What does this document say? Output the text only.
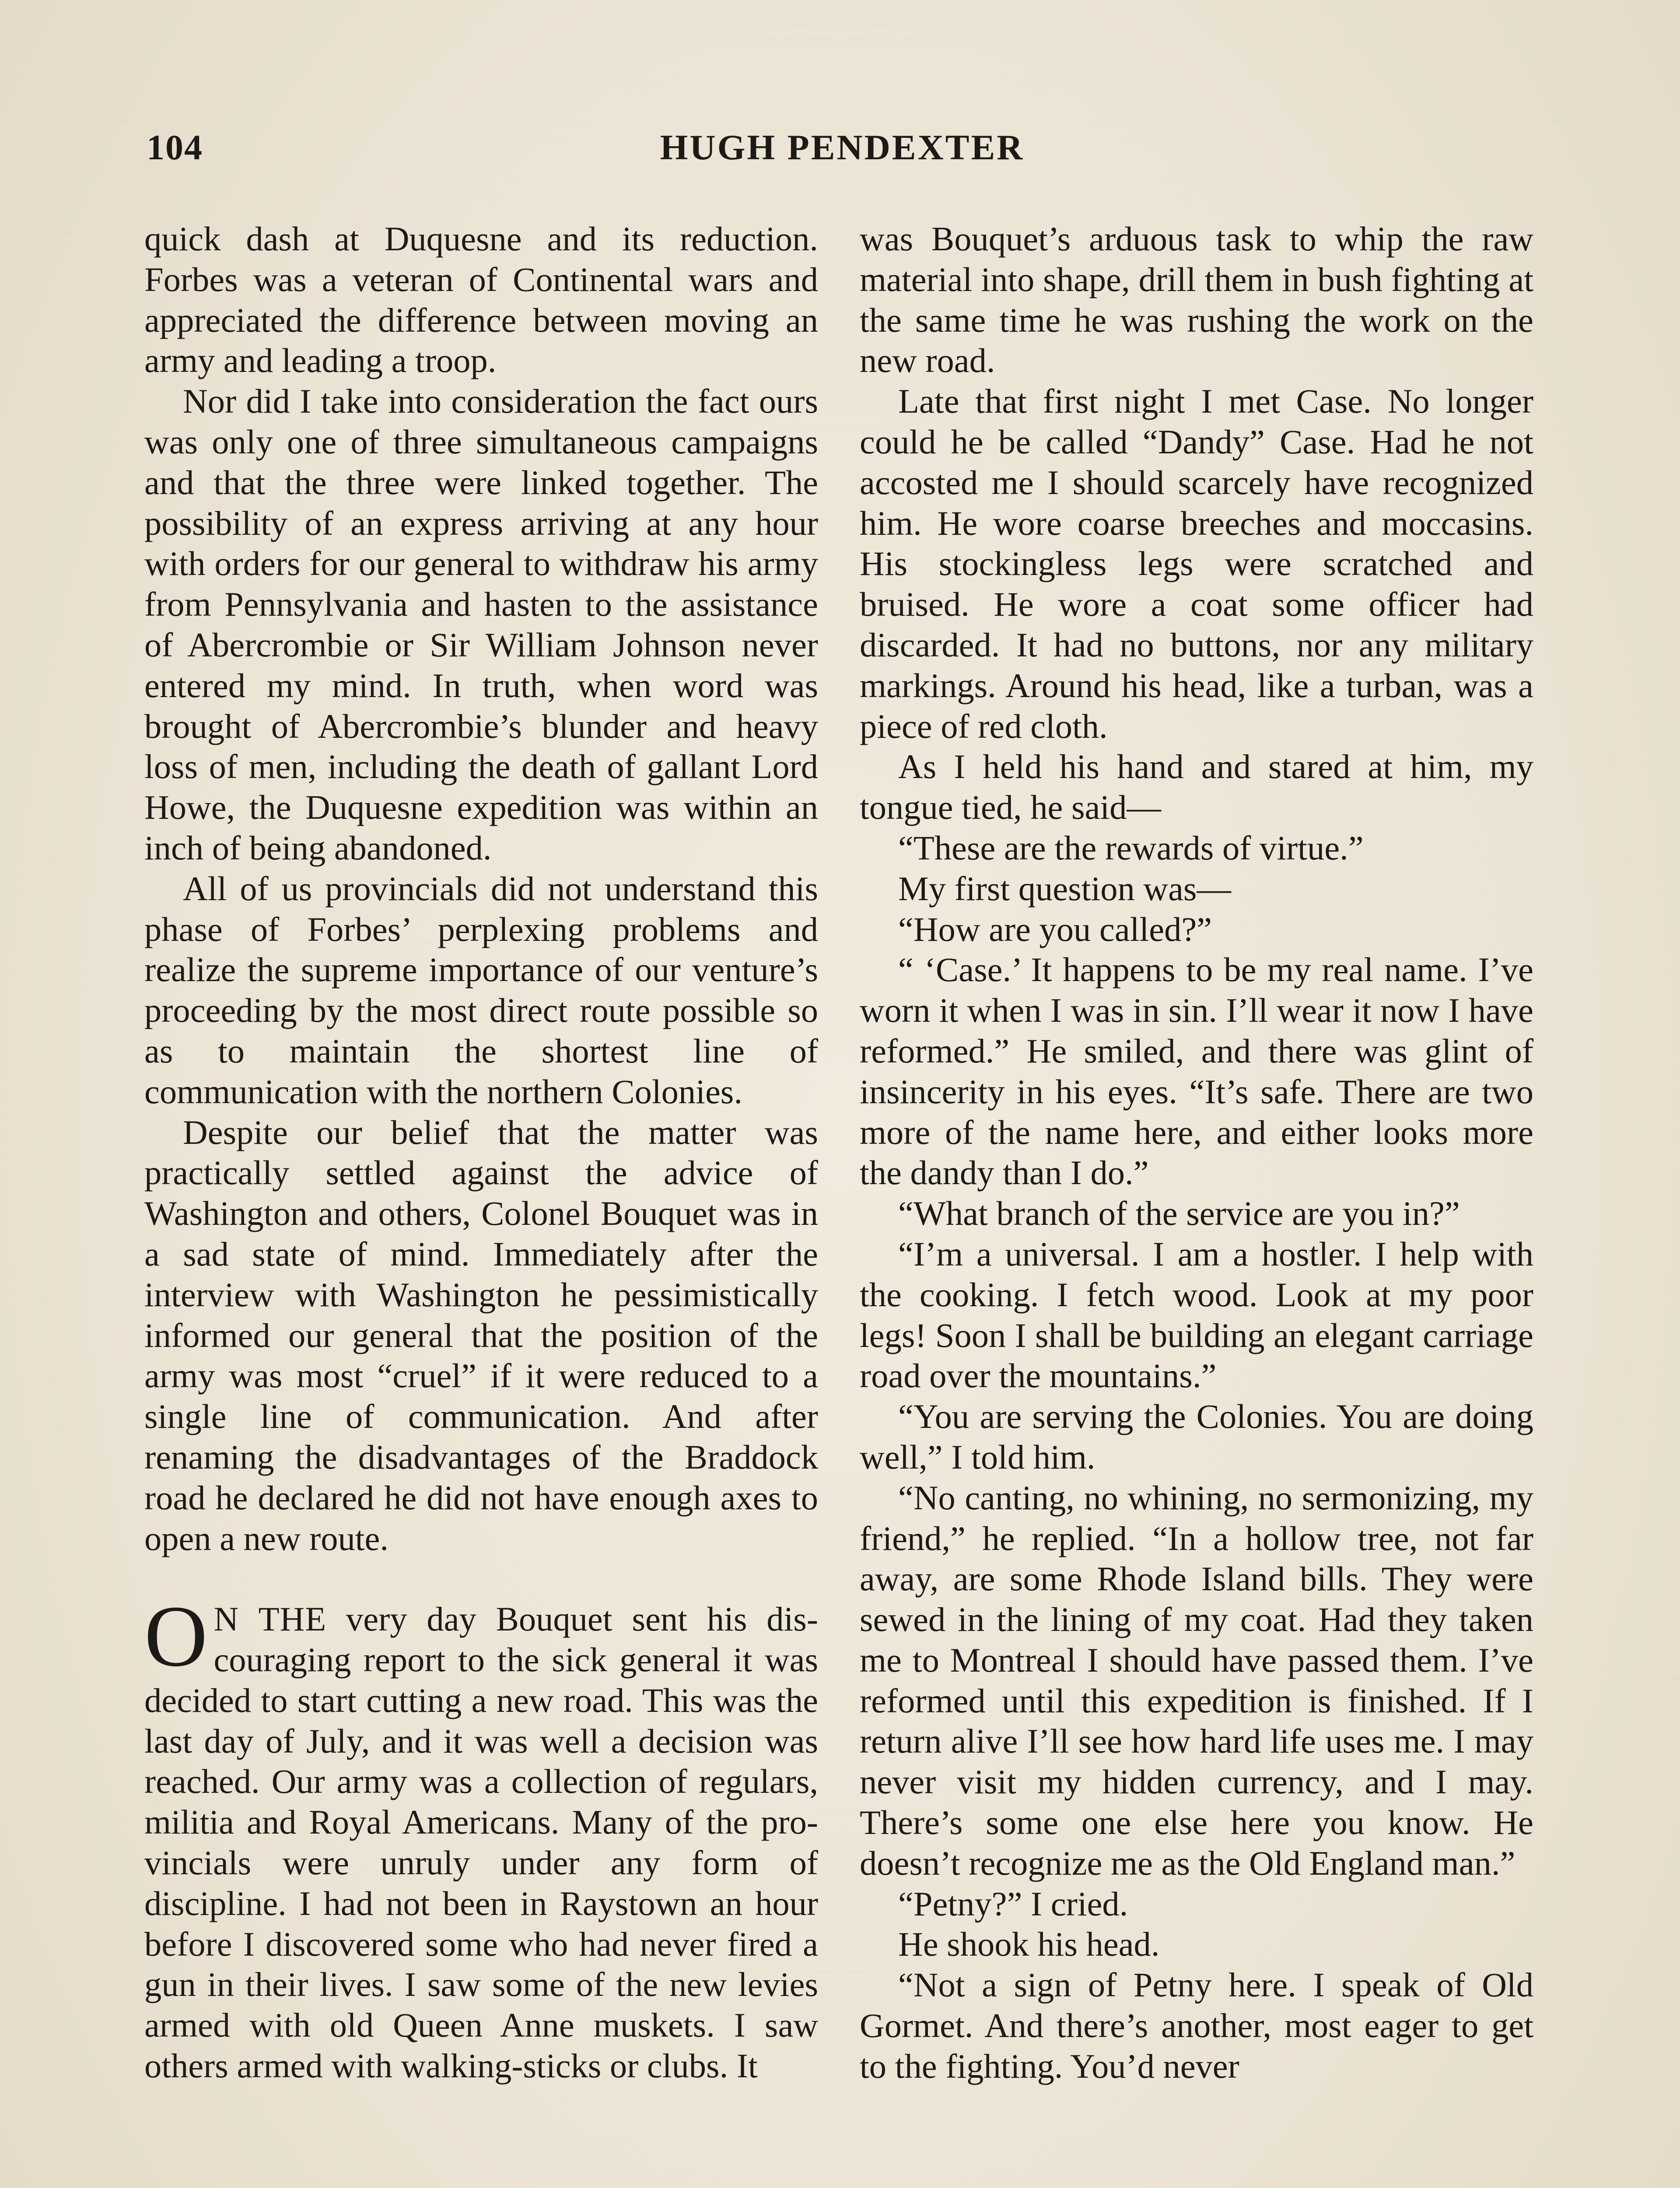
104	HUGH PENDEXTER

quick dash at Duquesne and its reduction. Forbes was a veteran of Continental wars and appreciated the difference between moving an army and leading a troop.

Nor did I take into consideration the fact ours was only one of three simultaneous campaigns and that the three were linked together. The possibility of an express arriving at any hour with orders for our general to withdraw his army from Pennsylvania and hasten to the assistance of Abercrombie or Sir William Johnson never entered my mind. In truth, when word was brought of Abercrombie’s blunder and heavy loss of men, including the death of gallant Lord Howe, the Duquesne expedition was within an inch of being abandoned.

All of us provincials did not understand this phase of Forbes’ perplexing problems and realize the supreme importance of our venture’s proceeding by the most direct route possible so as to maintain the shortest line of communication with the northern Colonies.

Despite our belief that the matter was practically settled against the advice of Washington and others, Colonel Bouquet was in a sad state of mind. Immediately after the interview with Washington he pessimistically informed our general that the position of the army was most “cruel” if it were reduced to a single line of communication. And after renaming the disadvantages of the Braddock road he declared he did not have enough axes to open a new route.

O N THE very day Bouquet sent his discouraging report to the sick general it was decided to start cutting a new road. This was the last day of July, and it was well a decision was reached. Our army was a collection of regulars, militia and Royal Americans. Many of the provincials were unruly under any form of discipline. I had not been in Raystown an hour before I discovered some who had never fired a gun in their lives. I saw some of the new levies armed with old Queen Anne muskets. I saw others armed with walking-sticks or clubs. It

was Bouquet’s arduous task to whip the raw material into shape, drill them in bush fighting at the same time he was rushing the work on the new road.

Late that first night I met Case. No longer could he be called “Dandy” Case. Had he not accosted me I should scarcely have recognized him. He wore coarse breeches and moccasins. His stockingless legs were scratched and bruised. He wore a coat some officer had discarded. It had no buttons, nor any military markings. Around his head, like a turban, was a piece of red cloth.

As I held his hand and stared at him, my tongue tied, he said—

“These are the rewards of virtue.”

My first question was—

“How are you called?”

“ ‘Case.’ It happens to be my real name. I’ve worn it when I was in sin. I’ll wear it now I have reformed.” He smiled, and there was glint of insincerity in his eyes. “It’s safe. There are two more of the name here, and either looks more the dandy than I do.”

“What branch of the service are you in?”

“I’m a universal. I am a hostler. I help with the cooking. I fetch wood. Look at my poor legs! Soon I shall be building an elegant carriage road over the mountains.”

“You are serving the Colonies. You are doing well,” I told him.

“No canting, no whining, no sermonizing, my friend,” he replied. “In a hollow tree, not far away, are some Rhode Island bills. They were sewed in the lining of my coat. Had they taken me to Montreal I should have passed them. I’ve reformed until this expedition is finished. If I return alive I’ll see how hard life uses me. I may never visit my hidden currency, and I may. There’s some one else here you know. He doesn’t recognize me as the Old England man.”

“Petny?” I cried.

He shook his head.

“Not a sign of Petny here. I speak of Old Gormet. And there’s another, most eager to get to the fighting. You’d never
